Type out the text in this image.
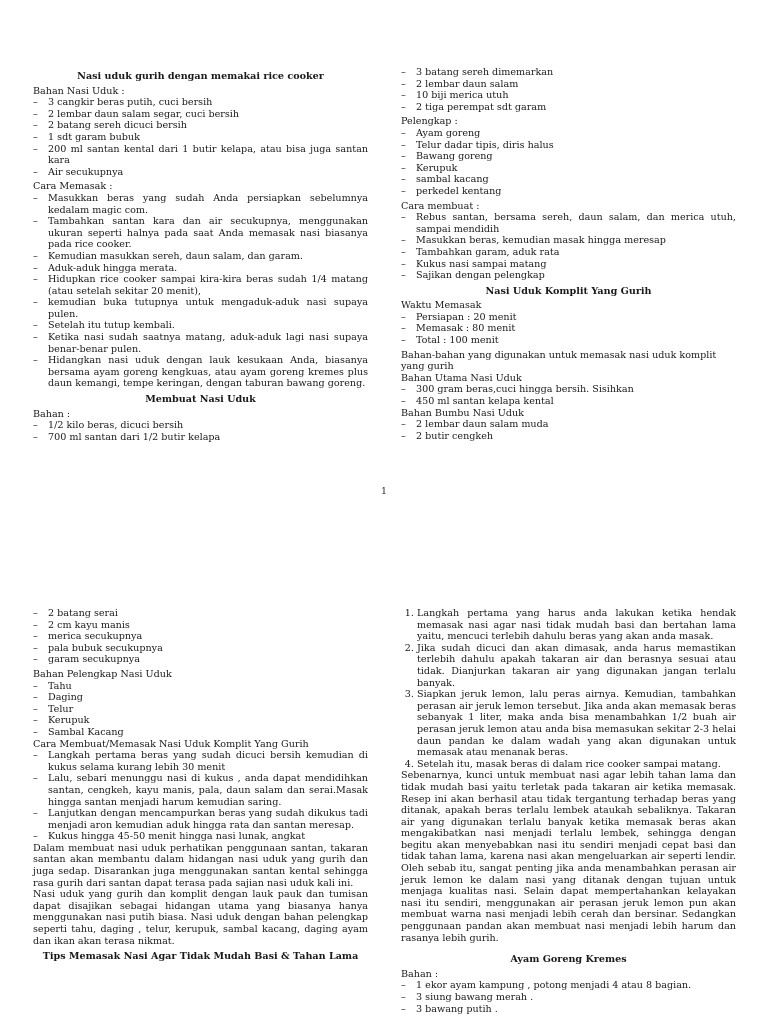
Nasi uduk gurih dengan memakai rice cooker
Bahan Nasi Uduk :
– 3 cangkir beras putih, cuci bersih
– 2 lembar daun salam segar, cuci bersih
– 2 batang sereh dicuci bersih
– 1 sdt garam bubuk
– 200 ml santan kental dari 1 butir kelapa, atau bisa juga santan kara
– Air secukupnya
Cara Memasak :
– Masukkan beras yang sudah Anda persiapkan sebelumnya kedalam magic com.
– Tambahkan santan kara dan air secukupnya, menggunakan ukuran seperti halnya pada saat Anda memasak nasi biasanya pada rice cooker.
– Kemudian masukkan sereh, daun salam, dan garam.
– Aduk-aduk hingga merata.
– Hidupkan rice cooker sampai kira-kira beras sudah 1/4 matang (atau setelah sekitar 20 menit),
– kemudian buka tutupnya untuk mengaduk-aduk nasi supaya pulen.
– Setelah itu tutup kembali.
– Ketika nasi sudah saatnya matang, aduk-aduk lagi nasi supaya benar-benar pulen.
– Hidangkan nasi uduk dengan lauk kesukaan Anda, biasanya bersama ayam goreng kengkuas, atau ayam goreng kremes plus daun kemangi, tempe keringan, dengan taburan bawang goreng.
Membuat Nasi Uduk
Bahan :
– 1/2 kilo beras, dicuci bersih
– 700 ml santan dari 1/2 butir kelapa
– 3 batang sereh dimemarkan
– 2 lembar daun salam
– 10 biji merica utuh
– 2 tiga perempat sdt garam
Pelengkap :
– Ayam goreng
– Telur dadar tipis, diris halus
– Bawang goreng
– Kerupuk
– sambal kacang
– perkedel kentang
Cara membuat :
– Rebus santan, bersama sereh, daun salam, dan merica utuh, sampai mendidih
– Masukkan beras, kemudian masak hingga meresap
– Tambahkan garam, aduk rata
– Kukus nasi sampai matang
– Sajikan dengan pelengkap
Nasi Uduk Komplit Yang Gurih
Waktu Memasak
– Persiapan : 20 menit
– Memasak : 80 menit
– Total : 100 menit
Bahan-bahan yang digunakan untuk memasak nasi uduk komplit yang gurih
Bahan Utama Nasi Uduk
– 300 gram beras,cuci hingga bersih. Sisihkan
– 450 ml santan kelapa kental
Bahan Bumbu Nasi Uduk
– 2 lembar daun salam muda
– 2 butir cengkeh
1
– 2 batang serai
– 2 cm kayu manis
– merica secukupnya
– pala bubuk secukupnya
– garam secukupnya
Bahan Pelengkap Nasi Uduk
– Tahu
– Daging
– Telur
– Kerupuk
– Sambal Kacang
Cara Membuat/Memasak Nasi Uduk Komplit Yang Gurih
– Langkah pertama beras yang sudah dicuci bersih kemudian di kukus selama kurang lebih 30 menit
– Lalu, sebari menunggu nasi di kukus , anda dapat mendidihkan santan, cengkeh, kayu manis, pala, daun salam dan serai.Masak hingga santan menjadi harum kemudian saring.
– Lanjutkan dengan mencampurkan beras yang sudah dikukus tadi menjadi aron kemudian aduk hingga rata dan santan meresap.
– Kukus hingga 45-50 menit hingga nasi lunak, angkat
Dalam membuat nasi uduk perhatikan penggunaan santan, takaran santan akan membantu dalam hidangan nasi uduk yang gurih dan juga sedap. Disarankan juga menggunakan santan kental sehingga rasa gurih dari santan dapat terasa pada sajian nasi uduk kali ini.
Nasi uduk yang gurih dan komplit dengan lauk pauk dan tumisan dapat disajikan sebagai hidangan utama yang biasanya hanya menggunakan nasi putih biasa. Nasi uduk dengan bahan pelengkap seperti tahu, daging , telur, kerupuk, sambal kacang, daging ayam dan ikan akan terasa nikmat.
Tips Memasak Nasi Agar Tidak Mudah Basi & Tahan Lama
1. Langkah pertama yang harus anda lakukan ketika hendak memasak nasi agar nasi tidak mudah basi dan bertahan lama yaitu, mencuci terlebih dahulu beras yang akan anda masak.
2. Jika sudah dicuci dan akan dimasak, anda harus memastikan terlebih dahulu apakah takaran air dan berasnya sesuai atau tidak. Dianjurkan takaran air yang digunakan jangan terlalu banyak.
3. Siapkan jeruk lemon, lalu peras airnya. Kemudian, tambahkan perasan air jeruk lemon tersebut. Jika anda akan memasak beras sebanyak 1 liter, maka anda bisa menambahkan 1/2 buah air perasan jeruk lemon atau anda bisa memasukan sekitar 2-3 helai daun pandan ke dalam wadah yang akan digunakan untuk memasak atau menanak beras.
4. Setelah itu, masak beras di dalam rice cooker sampai matang.
Sebenarnya, kunci untuk membuat nasi agar lebih tahan lama dan tidak mudah basi yaitu terletak pada takaran air ketika memasak. Resep ini akan berhasil atau tidak tergantung terhadap beras yang ditanak, apakah beras terlalu lembek ataukah sebaliknya. Takaran air yang digunakan terlalu banyak ketika memasak beras akan mengakibatkan nasi menjadi terlalu lembek, sehingga dengan begitu akan menyebabkan nasi itu sendiri menjadi cepat basi dan tidak tahan lama, karena nasi akan mengeluarkan air seperti lendir. Oleh sebab itu, sangat penting jika anda menambahkan perasan air jeruk lemon ke dalam nasi yang ditanak dengan tujuan untuk menjaga kualitas nasi. Selain dapat mempertahankan kelayakan nasi itu sendiri, menggunakan air perasan jeruk lemon pun akan membuat warna nasi menjadi lebih cerah dan bersinar. Sedangkan penggunaan pandan akan membuat nasi menjadi lebih harum dan rasanya lebih gurih.
Ayam Goreng Kremes
Bahan :
– 1 ekor ayam kampung , potong menjadi 4 atau 8 bagian.
– 3 siung bawang merah .
– 3 bawang putih .
